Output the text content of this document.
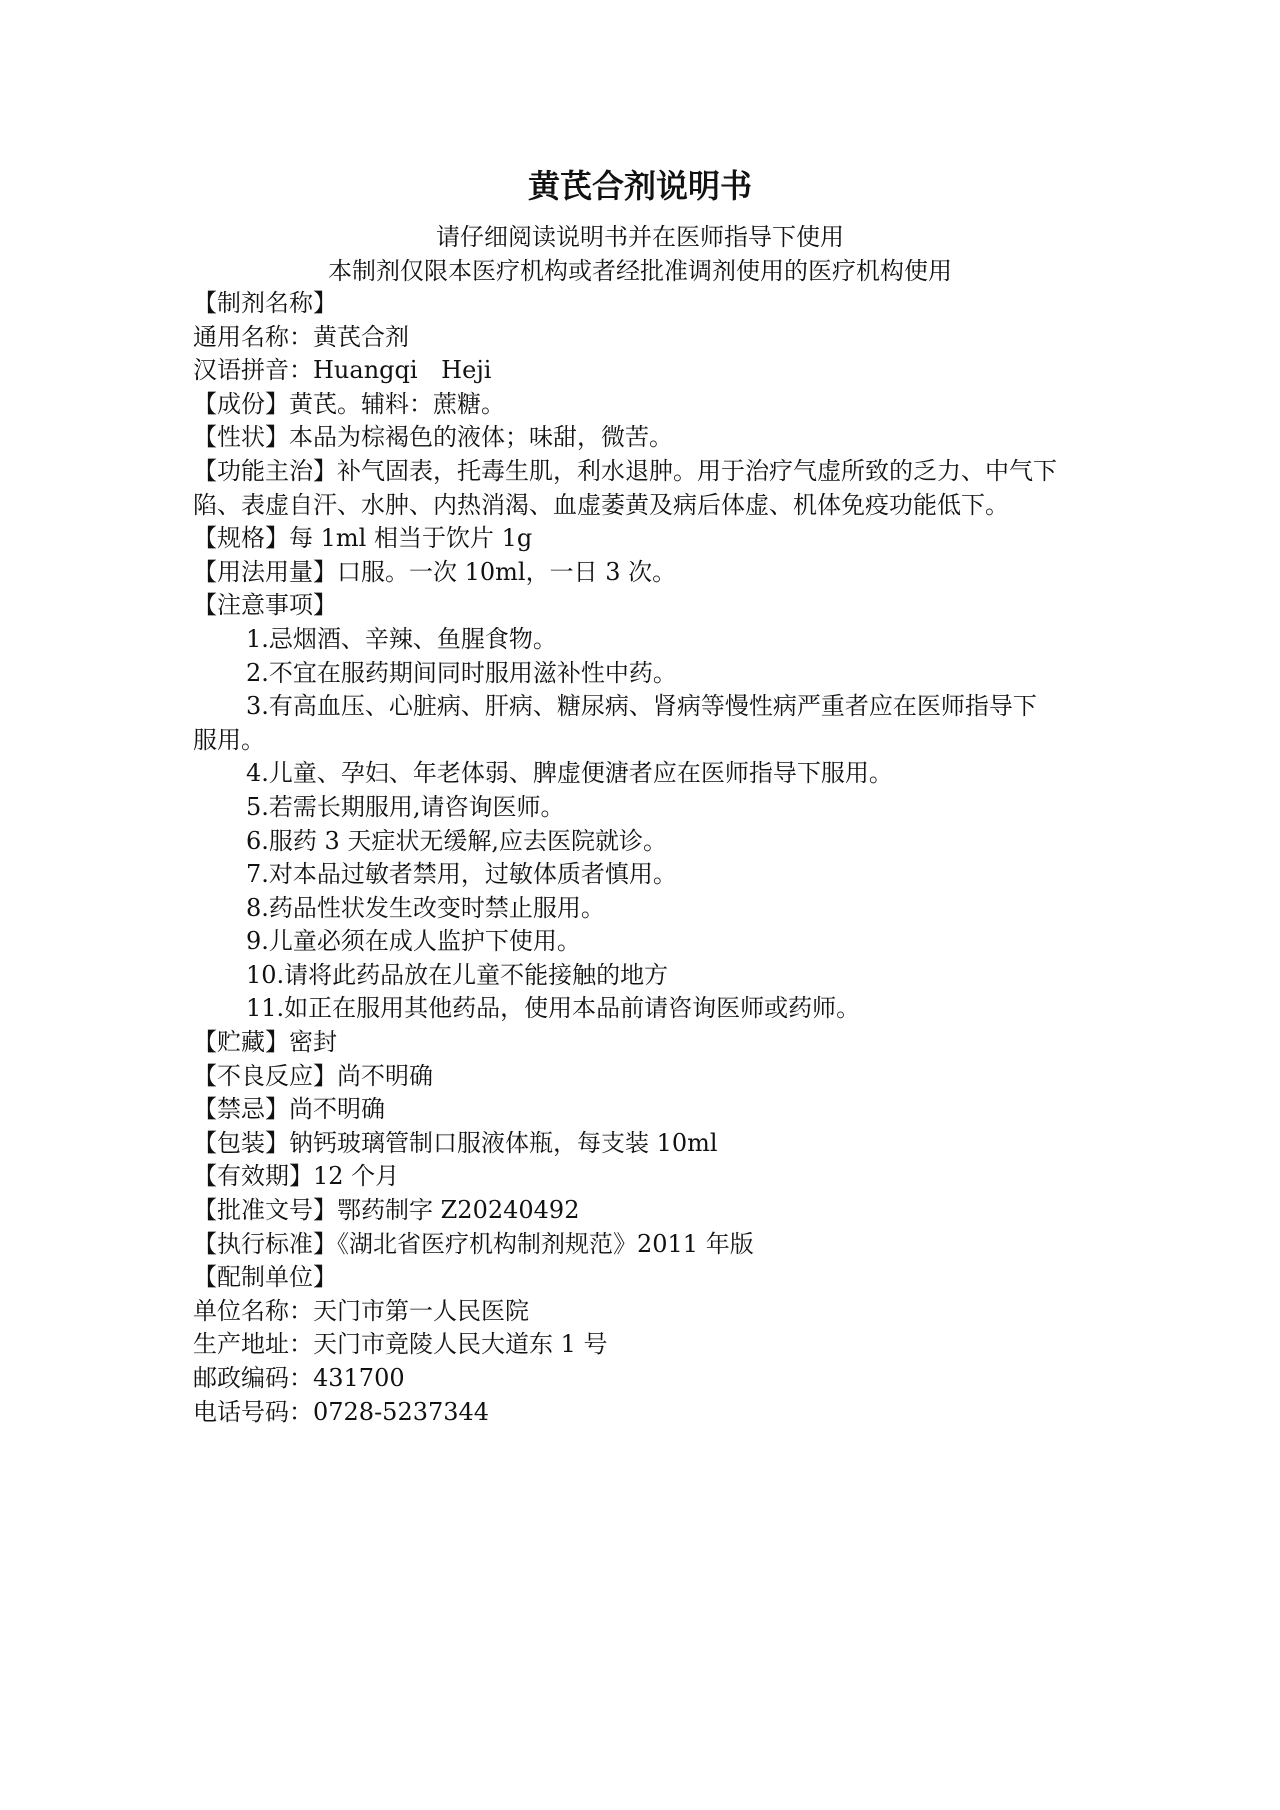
黄芪合剂说明书

请仔细阅读说明书并在医师指导下使用

本制剂仅限本医疗机构或者经批准调剂使用的医疗机构使用

【制剂名称】

通用名称：黄芪合剂

汉语拼音：Huangqi Heji

【成份】黄芪。辅料：蔗糖。

【性状】本品为棕褐色的液体；味甜，微苦。

【功能主治】补气固表，托毒生肌，利水退肿。用于治疗气虚所致的乏力、中气下陷、表虚自汗、水肿、内热消渴、血虚萎黄及病后体虚、机体免疫功能低下。

【规格】每 1ml 相当于饮片 1g

【用法用量】口服。一次 10ml，一日 3 次。

【注意事项】

1.忌烟酒、辛辣、鱼腥食物。

2.不宜在服药期间同时服用滋补性中药。

3.有高血压、心脏病、肝病、糖尿病、肾病等慢性病严重者应在医师指导下

服用。

4.儿童、孕妇、年老体弱、脾虚便溏者应在医师指导下服用。

5.若需长期服用,请咨询医师。

6.服药 3 天症状无缓解,应去医院就诊。

7.对本品过敏者禁用，过敏体质者慎用。

8.药品性状发生改变时禁止服用。

9.儿童必须在成人监护下使用。

10.请将此药品放在儿童不能接触的地方

11.如正在服用其他药品，使用本品前请咨询医师或药师。

【贮藏】密封

【不良反应】尚不明确

【禁忌】尚不明确

【包装】钠钙玻璃管制口服液体瓶，每支装 10ml

【有效期】12 个月

【批准文号】鄂药制字 Z20240492

【执行标准】《湖北省医疗机构制剂规范》2011 年版

【配制单位】

单位名称：天门市第一人民医院

生产地址：天门市竟陵人民大道东 1 号

邮政编码：431700

电话号码：0728-5237344
